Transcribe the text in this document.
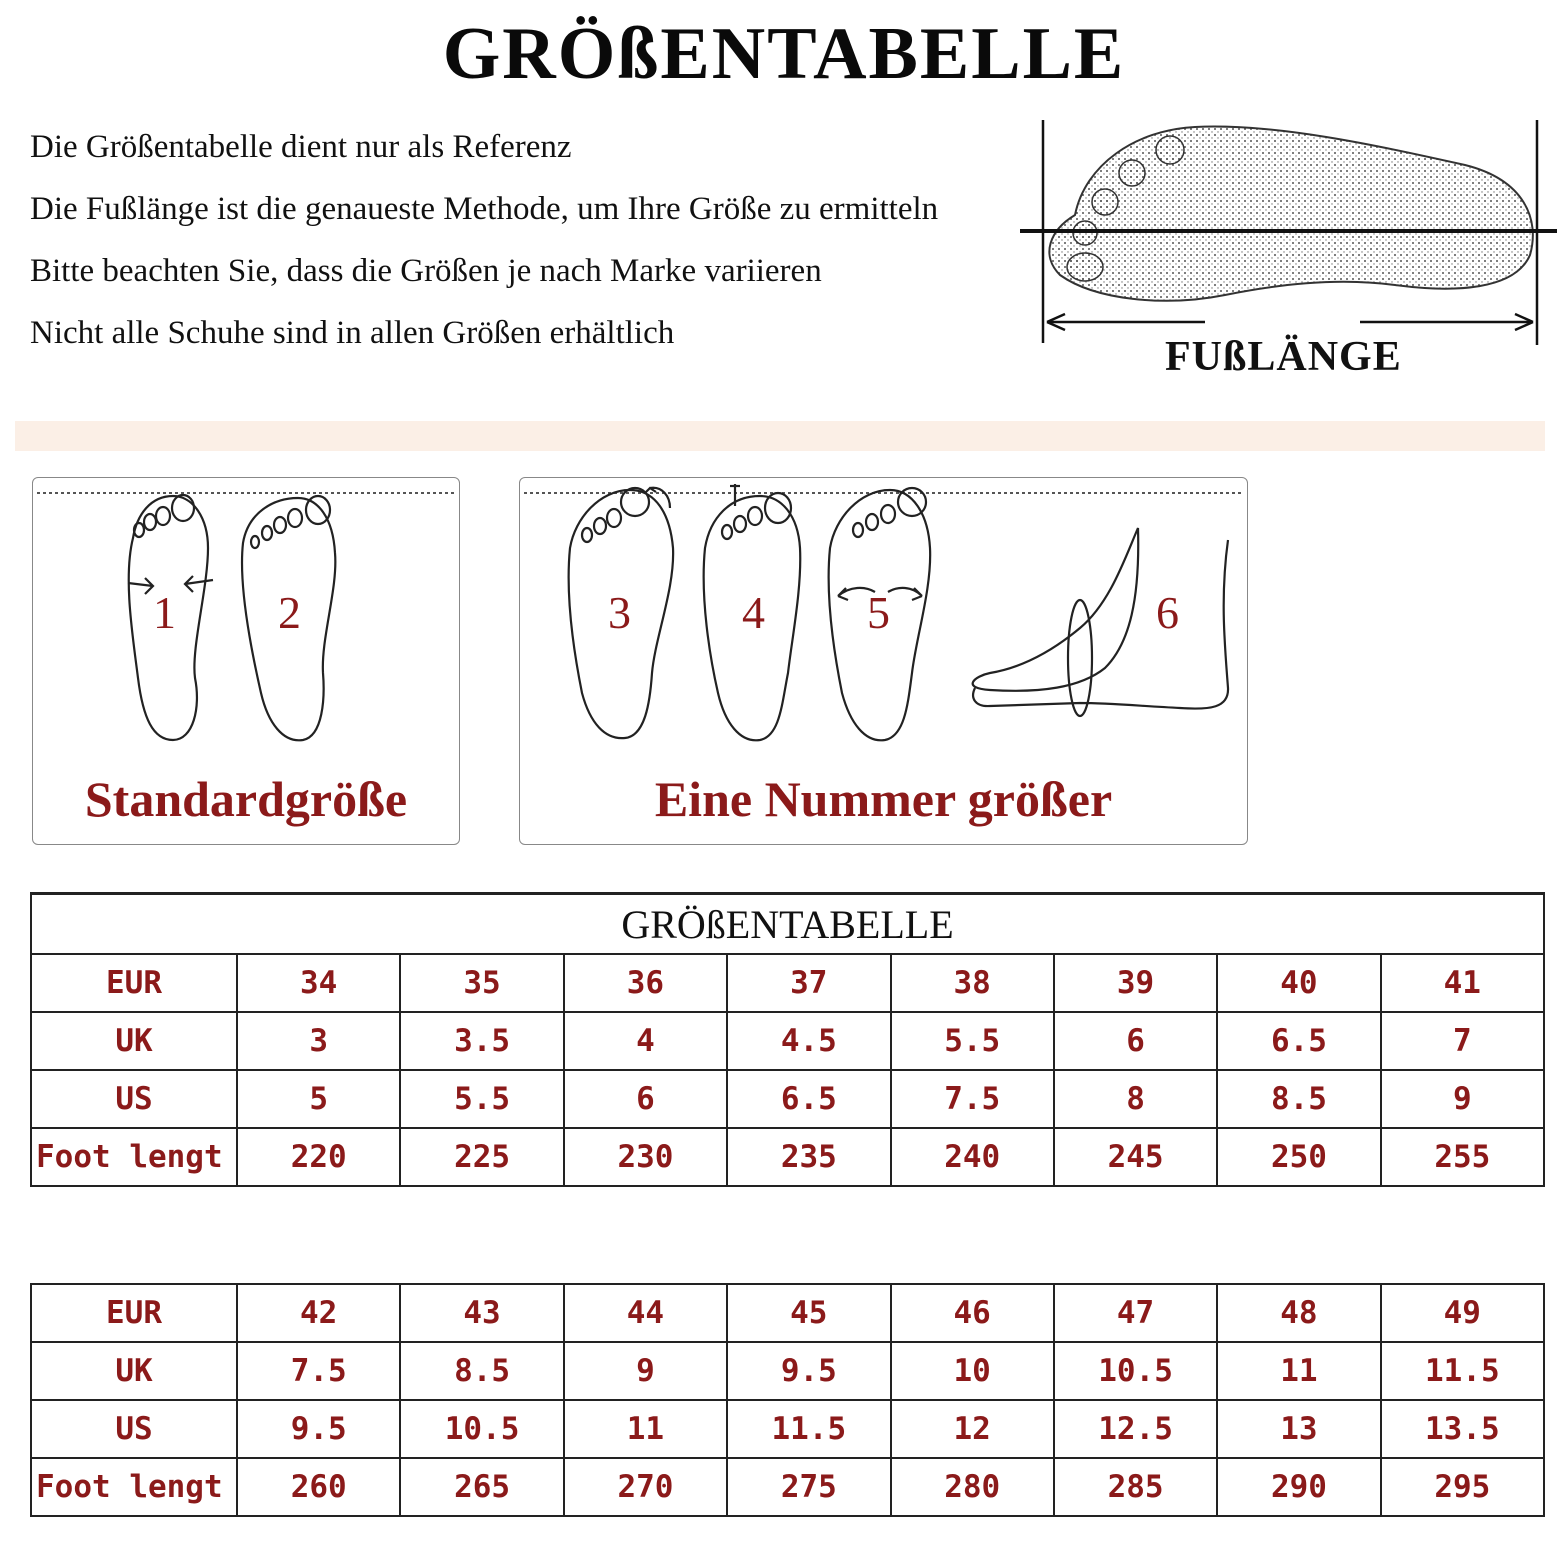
GRÖßENTABELLE
Die Größentabelle dient nur als Referenz
Die Fußlänge ist die genaueste Methode, um Ihre Größe zu ermitteln
Bitte beachten Sie, dass die Größen je nach Marke variieren
Nicht alle Schuhe sind in allen Größen erhältlich
FUßLÄNGE
1 2
Standardgröße
3 4 5	6
Eine Nummer größer
GRÖßENTABELLE								
EUR	34	35	36	37	38	39	40	41
UK	3	3.5	4	4.5	5.5	6	6.5	7
US	5	5.5	6	6.5	7.5	8	8.5	9
Foot lengt	220	225	230	235	240	245	250	255
EUR	42	43	44	45	46	47	48	49
UK	7.5	8.5	9	9.5	10	10.5	11	11.5
US	9.5	10.5	11	11.5	12	12.5	13	13.5
Foot lengt	260	265	270	275	280	285	290	295
